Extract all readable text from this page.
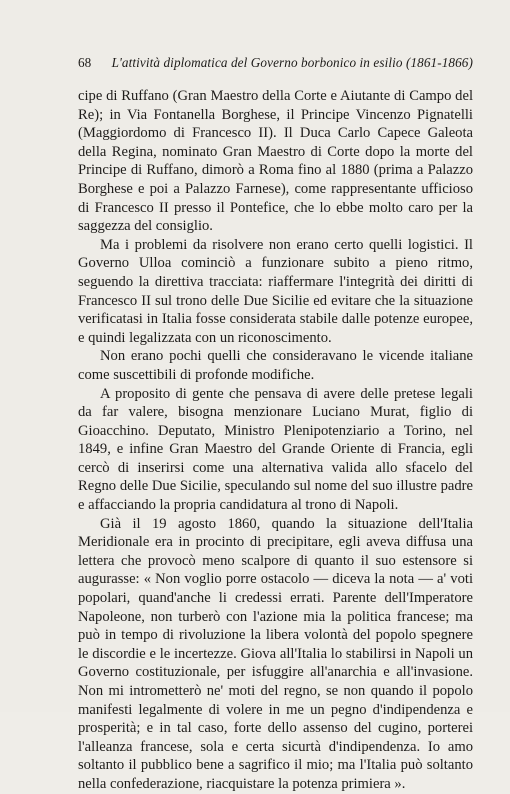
68 L'attività diplomatica del Governo borbonico in esilio (1861-1866)

cipe di Ruffano (Gran Maestro della Corte e Aiutante di Campo del Re); in Via Fontanella Borghese, il Principe Vincenzo Pignatelli (Maggiordomo di Francesco II). Il Duca Carlo Capece Galeota della Regina, nominato Gran Maestro di Corte dopo la morte del Principe di Ruffano, dimorò a Roma fino al 1880 (prima a Palazzo Borghese e poi a Palazzo Farnese), come rappresentante ufficioso di Francesco II presso il Pontefice, che lo ebbe molto caro per la saggezza del consiglio.

Ma i problemi da risolvere non erano certo quelli logistici. Il Governo Ulloa cominciò a funzionare subito a pieno ritmo, seguendo la direttiva tracciata: riaffermare l'integrità dei diritti di Francesco II sul trono delle Due Sicilie ed evitare che la situazione verificatasi in Italia fosse considerata stabile dalle potenze europee, e quindi legalizzata con un riconoscimento.

Non erano pochi quelli che consideravano le vicende italiane come suscettibili di profonde modifiche.

A proposito di gente che pensava di avere delle pretese legali da far valere, bisogna menzionare Luciano Murat, figlio di Gioacchino. Deputato, Ministro Plenipotenziario a Torino, nel 1849, e infine Gran Maestro del Grande Oriente di Francia, egli cercò di inserirsi come una alternativa valida allo sfacelo del Regno delle Due Sicilie, speculando sul nome del suo illustre padre e affacciando la propria candidatura al trono di Napoli.

Già il 19 agosto 1860, quando la situazione dell'Italia Meridionale era in procinto di precipitare, egli aveva diffusa una lettera che provocò meno scalpore di quanto il suo estensore si augurasse: « Non voglio porre ostacolo — diceva la nota — a' voti popolari, quand'anche li credessi errati. Parente dell'Imperatore Napoleone, non turberò con l'azione mia la politica francese; ma può in tempo di rivoluzione la libera volontà del popolo spegnere le discordie e le incertezze. Giova all'Italia lo stabilirsi in Napoli un Governo costituzionale, per isfuggire all'anarchia e all'invasione. Non mi intrometterò ne' moti del regno, se non quando il popolo manifesti legalmente di volere in me un pegno d'indipendenza e prosperità; e in tal caso, forte dello assenso del cugino, porterei l'alleanza francese, sola e certa sicurtà d'indipendenza. Io amo soltanto il pubblico bene a sagrifico il mio; ma l'Italia può soltanto nella confederazione, riacquistare la potenza primiera ».
